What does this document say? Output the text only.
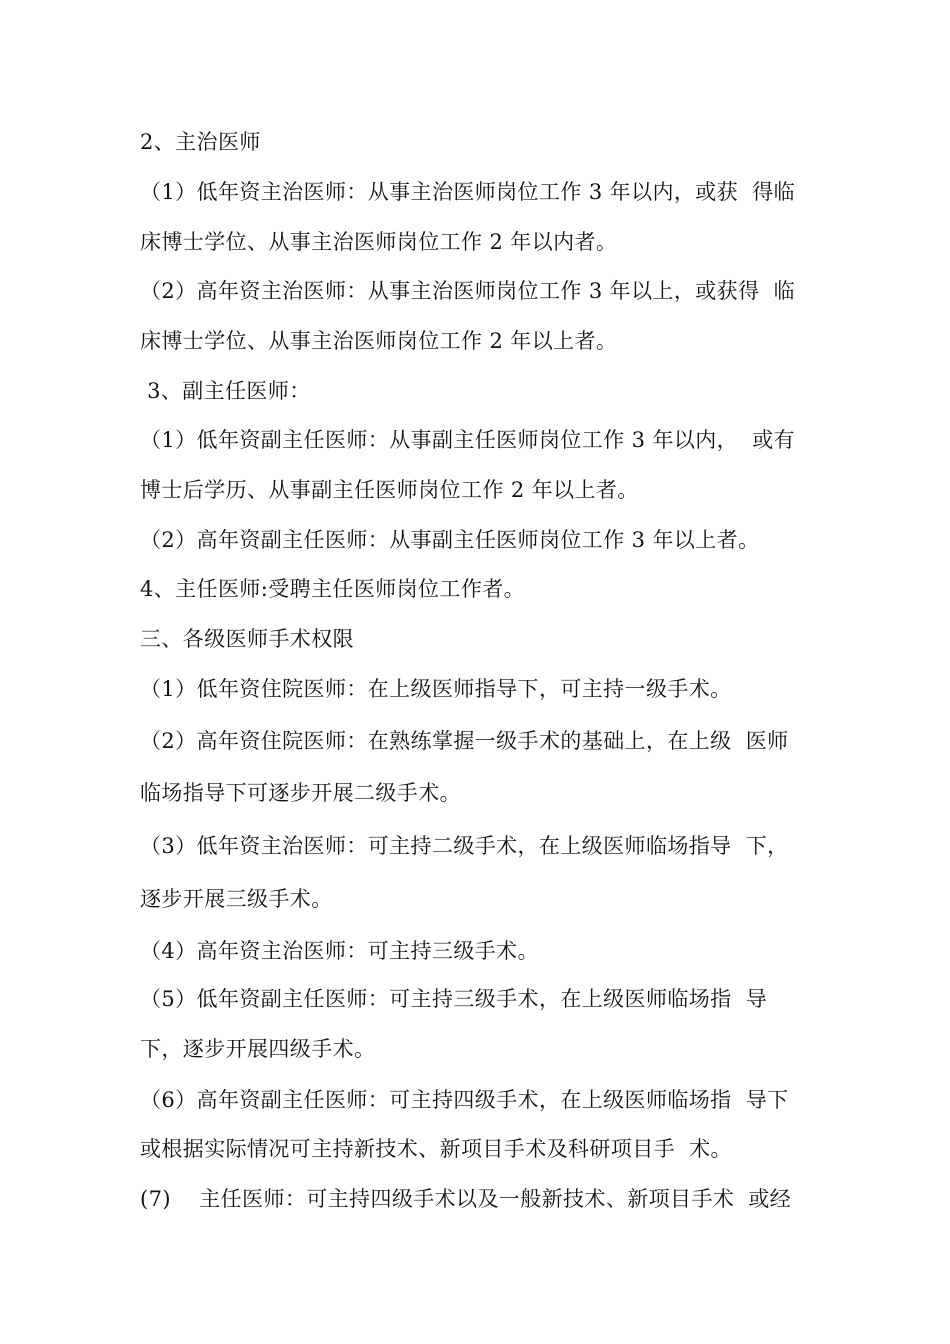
2、主治医师
（1）低年资主治医师：从事主治医师岗位工作 3 年以内，或获  得临
床博士学位、从事主治医师岗位工作 2 年以内者。
（2）高年资主治医师：从事主治医师岗位工作 3 年以上，或获得  临
床博士学位、从事主治医师岗位工作 2 年以上者。
3、副主任医师：
（1）低年资副主任医师：从事副主任医师岗位工作 3 年以内，  或有
博士后学历、从事副主任医师岗位工作 2 年以上者。
（2）高年资副主任医师：从事副主任医师岗位工作 3 年以上者。
4、主任医师:受聘主任医师岗位工作者。
三、各级医师手术权限
（1）低年资住院医师：在上级医师指导下，可主持一级手术。
（2）高年资住院医师：在熟练掌握一级手术的基础上，在上级  医师
临场指导下可逐步开展二级手术。
（3）低年资主治医师：可主持二级手术，在上级医师临场指导  下，
逐步开展三级手术。
（4）高年资主治医师：可主持三级手术。
（5）低年资副主任医师：可主持三级手术，在上级医师临场指  导
下，逐步开展四级手术。
（6）高年资副主任医师：可主持四级手术，在上级医师临场指  导下
或根据实际情况可主持新技术、新项目手术及科研项目手  术。
(7)    主任医师：可主持四级手术以及一般新技术、新项目手术  或经
